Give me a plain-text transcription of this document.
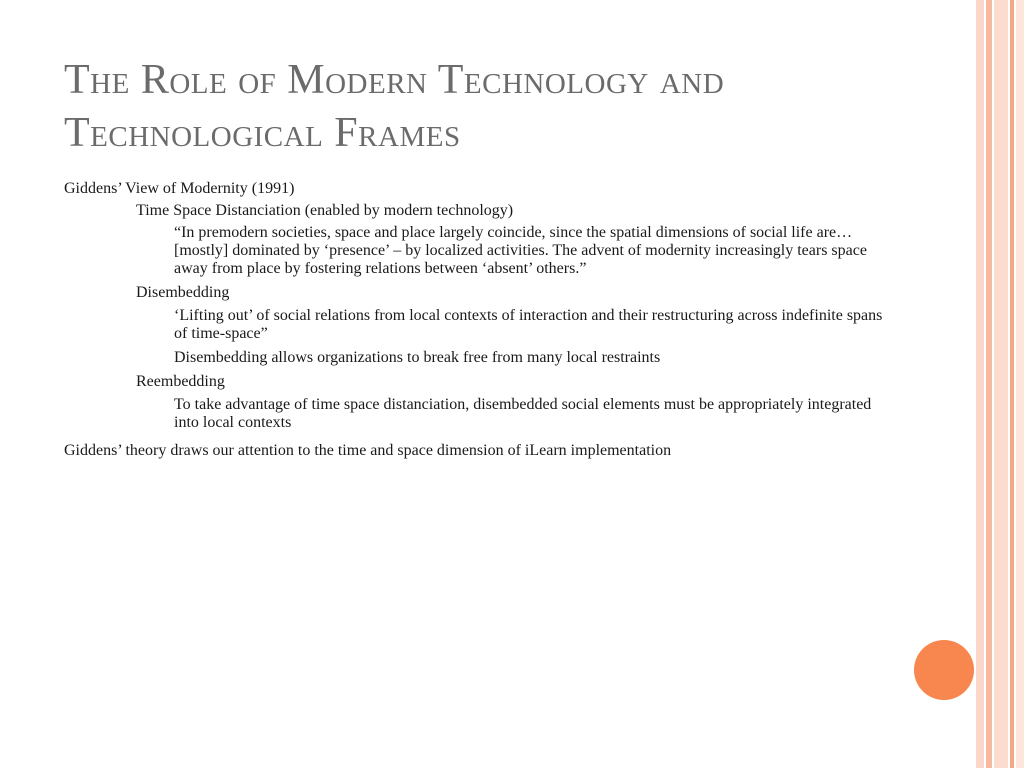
The Role of Modern Technology and Technological Frames
Giddens’ View of Modernity (1991)
Time Space Distanciation (enabled by modern technology)
“In premodern societies, space and place largely coincide, since the spatial dimensions of social life are…[mostly] dominated by ‘presence’ – by localized activities. The advent of modernity increasingly tears space away from place by fostering relations between ‘absent’ others.”
Disembedding
‘Lifting out’ of social relations from local contexts of interaction and their restructuring across indefinite spans of time-space”
Disembedding allows organizations to break free from many local restraints
Reembedding
To take advantage of time space distanciation, disembedded social elements must be appropriately integrated into local contexts
Giddens’ theory draws our attention to the time and space dimension of iLearn implementation
